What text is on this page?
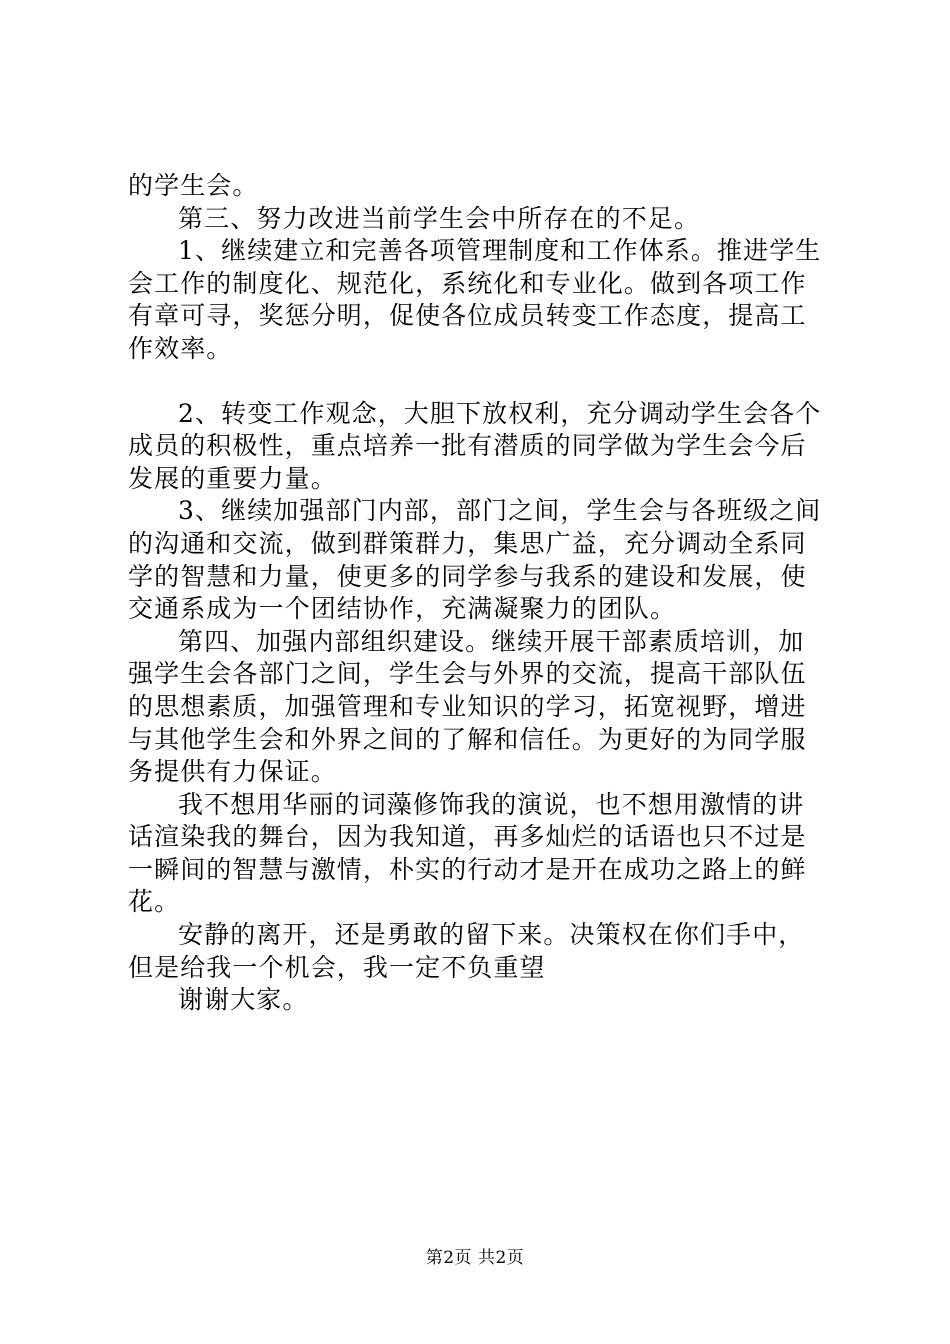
的学生会。

第三、努力改进当前学生会中所存在的不足。

1、继续建立和完善各项管理制度和工作体系。推进学生会工作的制度化、规范化，系统化和专业化。做到各项工作有章可寻，奖惩分明，促使各位成员转变工作态度，提高工作效率。

2、转变工作观念，大胆下放权利，充分调动学生会各个成员的积极性，重点培养一批有潜质的同学做为学生会今后发展的重要力量。

3、继续加强部门内部，部门之间，学生会与各班级之间的沟通和交流，做到群策群力，集思广益，充分调动全系同学的智慧和力量，使更多的同学参与我系的建设和发展，使交通系成为一个团结协作，充满凝聚力的团队。

第四、加强内部组织建设。继续开展干部素质培训，加强学生会各部门之间，学生会与外界的交流，提高干部队伍的思想素质，加强管理和专业知识的学习，拓宽视野，增进与其他学生会和外界之间的了解和信任。为更好的为同学服务提供有力保证。

我不想用华丽的词藻修饰我的演说，也不想用激情的讲话渲染我的舞台，因为我知道，再多灿烂的话语也只不过是一瞬间的智慧与激情，朴实的行动才是开在成功之路上的鲜花。

安静的离开，还是勇敢的留下来。决策权在你们手中，但是给我一个机会，我一定不负重望

谢谢大家。

第2页 共2页
